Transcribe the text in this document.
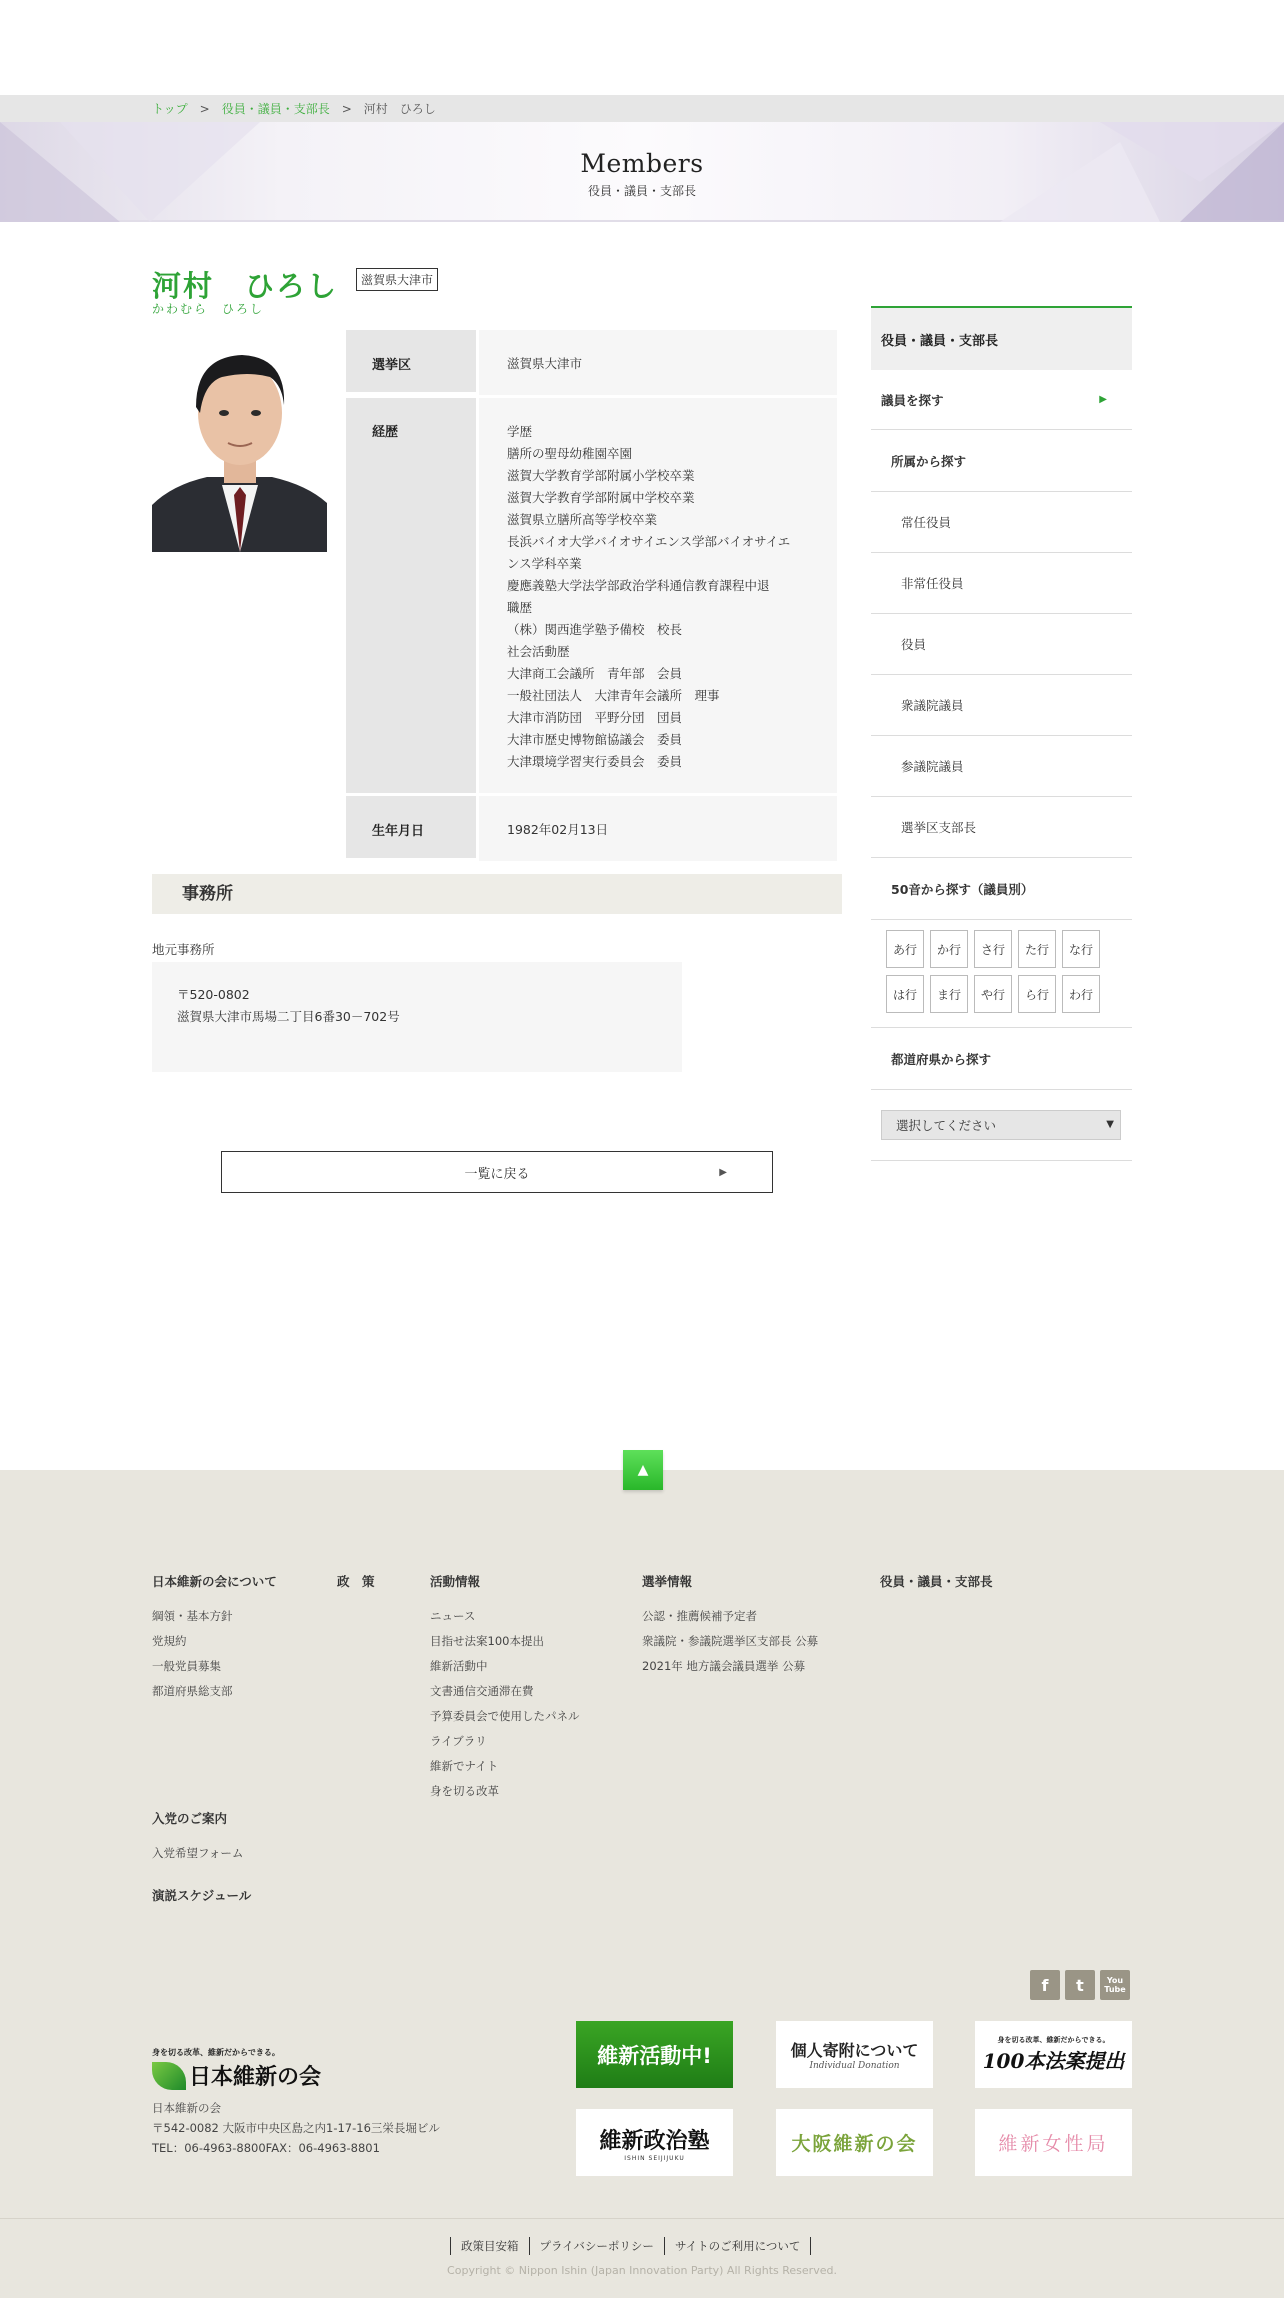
トップ > 役員・議員・支部長 > 河村　ひろし
Members
役員・議員・支部長
河村　ひろし	滋賀県大津市
かわむら　ひろし
選挙区	滋賀県大津市
経歴	学歴
膳所の聖母幼稚園卒園
滋賀大学教育学部附属小学校卒業
滋賀大学教育学部附属中学校卒業
滋賀県立膳所高等学校卒業
長浜バイオ大学バイオサイエンス学部バイオサイエ
ンス学科卒業
慶應義塾大学法学部政治学科通信教育課程中退
職歴
（株）関西進学塾予備校　校長
社会活動歴
大津商工会議所　青年部　会員
一般社団法人　大津青年会議所　理事
大津市消防団　平野分団　団員
大津市歴史博物館協議会　委員
大津環境学習実行委員会　委員
生年月日	1982年02月13日
事務所
地元事務所
〒520-0802
滋賀県大津市馬場二丁目6番30－702号
一覧に戻る	▶
役員・議員・支部長
議員を探す	▶
所属から探す
常任役員
非常任役員
役員
衆議院議員
参議院議員
選挙区支部長
50音から探す（議員別）
あ行	か行	さ行	た行	な行
は行	ま行	や行	ら行	わ行
都道府県から探す
選択してください	▼
▲
日本維新の会について
綱領・基本方針
党規約
一般党員募集
都道府県総支部
政　策	活動情報
ニュース
目指せ法案100本提出
維新活動中
文書通信交通滞在費
予算委員会で使用したパネル
ライブラリ
維新でナイト
身を切る改革
選挙情報
公認・推薦候補予定者
衆議院・参議院選挙区支部長 公募
2021年 地方議会議員選挙 公募
役員・議員・支部長
入党のご案内
入党希望フォーム
演説スケジュール
f	t	You Tube
身を切る改革、維新だからできる。
日本維新の会
日本維新の会
〒542-0082 大阪市中央区島之内1-17-16三栄長堀ビル
TEL：06-4963-8800FAX：06-4963-8801
維新活動中!	個人寄附について
Individual Donation
身を切る改革、維新だからできる。
100本法案提出
維新政治塾
ISHIN SEIJIJUKU
大阪維新の会	維新女性局
政策目安箱	プライバシーポリシー	サイトのご利用について
Copyright © Nippon Ishin (Japan Innovation Party) All Rights Reserved.
